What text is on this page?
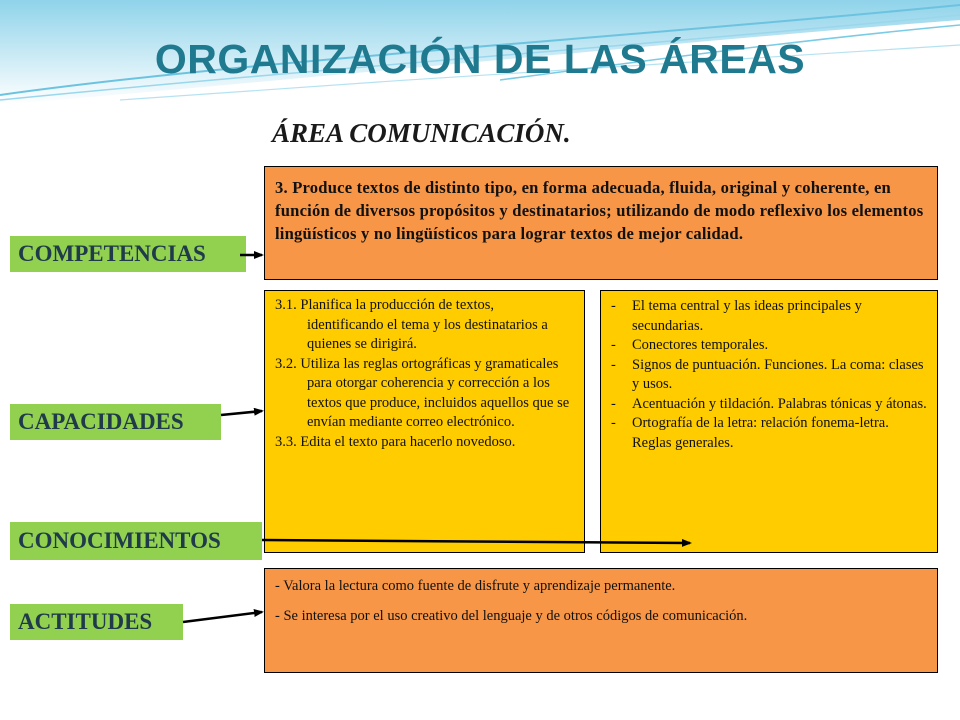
ORGANIZACIÓN DE LAS ÁREAS
ÁREA COMUNICACIÓN.
3. Produce textos de distinto tipo, en forma adecuada, fluida, original y coherente, en función de diversos propósitos y destinatarios; utilizando de modo reflexivo los elementos lingüísticos y no lingüísticos para lograr textos de mejor calidad.
3.1. Planifica la producción de textos, identificando el tema y los destinatarios a quienes se dirigirá.
3.2. Utiliza las reglas ortográficas y gramaticales para otorgar coherencia y corrección a los textos que produce, incluidos aquellos que se envían mediante correo electrónico.
3.3. Edita el texto para hacerlo novedoso.
- El tema central y las ideas principales y secundarias.
- Conectores temporales.
- Signos de puntuación. Funciones. La coma: clases y usos.
- Acentuación y tildación. Palabras tónicas y átonas.
- Ortografía de la letra: relación fonema-letra. Reglas generales.

- Valora la lectura como fuente de disfrute y aprendizaje permanente.

- Se interesa por el uso creativo del lenguaje y de otros códigos de comunicación.

COMPETENCIAS
CAPACIDADES
CONOCIMIENTOS
ACTITUDES
